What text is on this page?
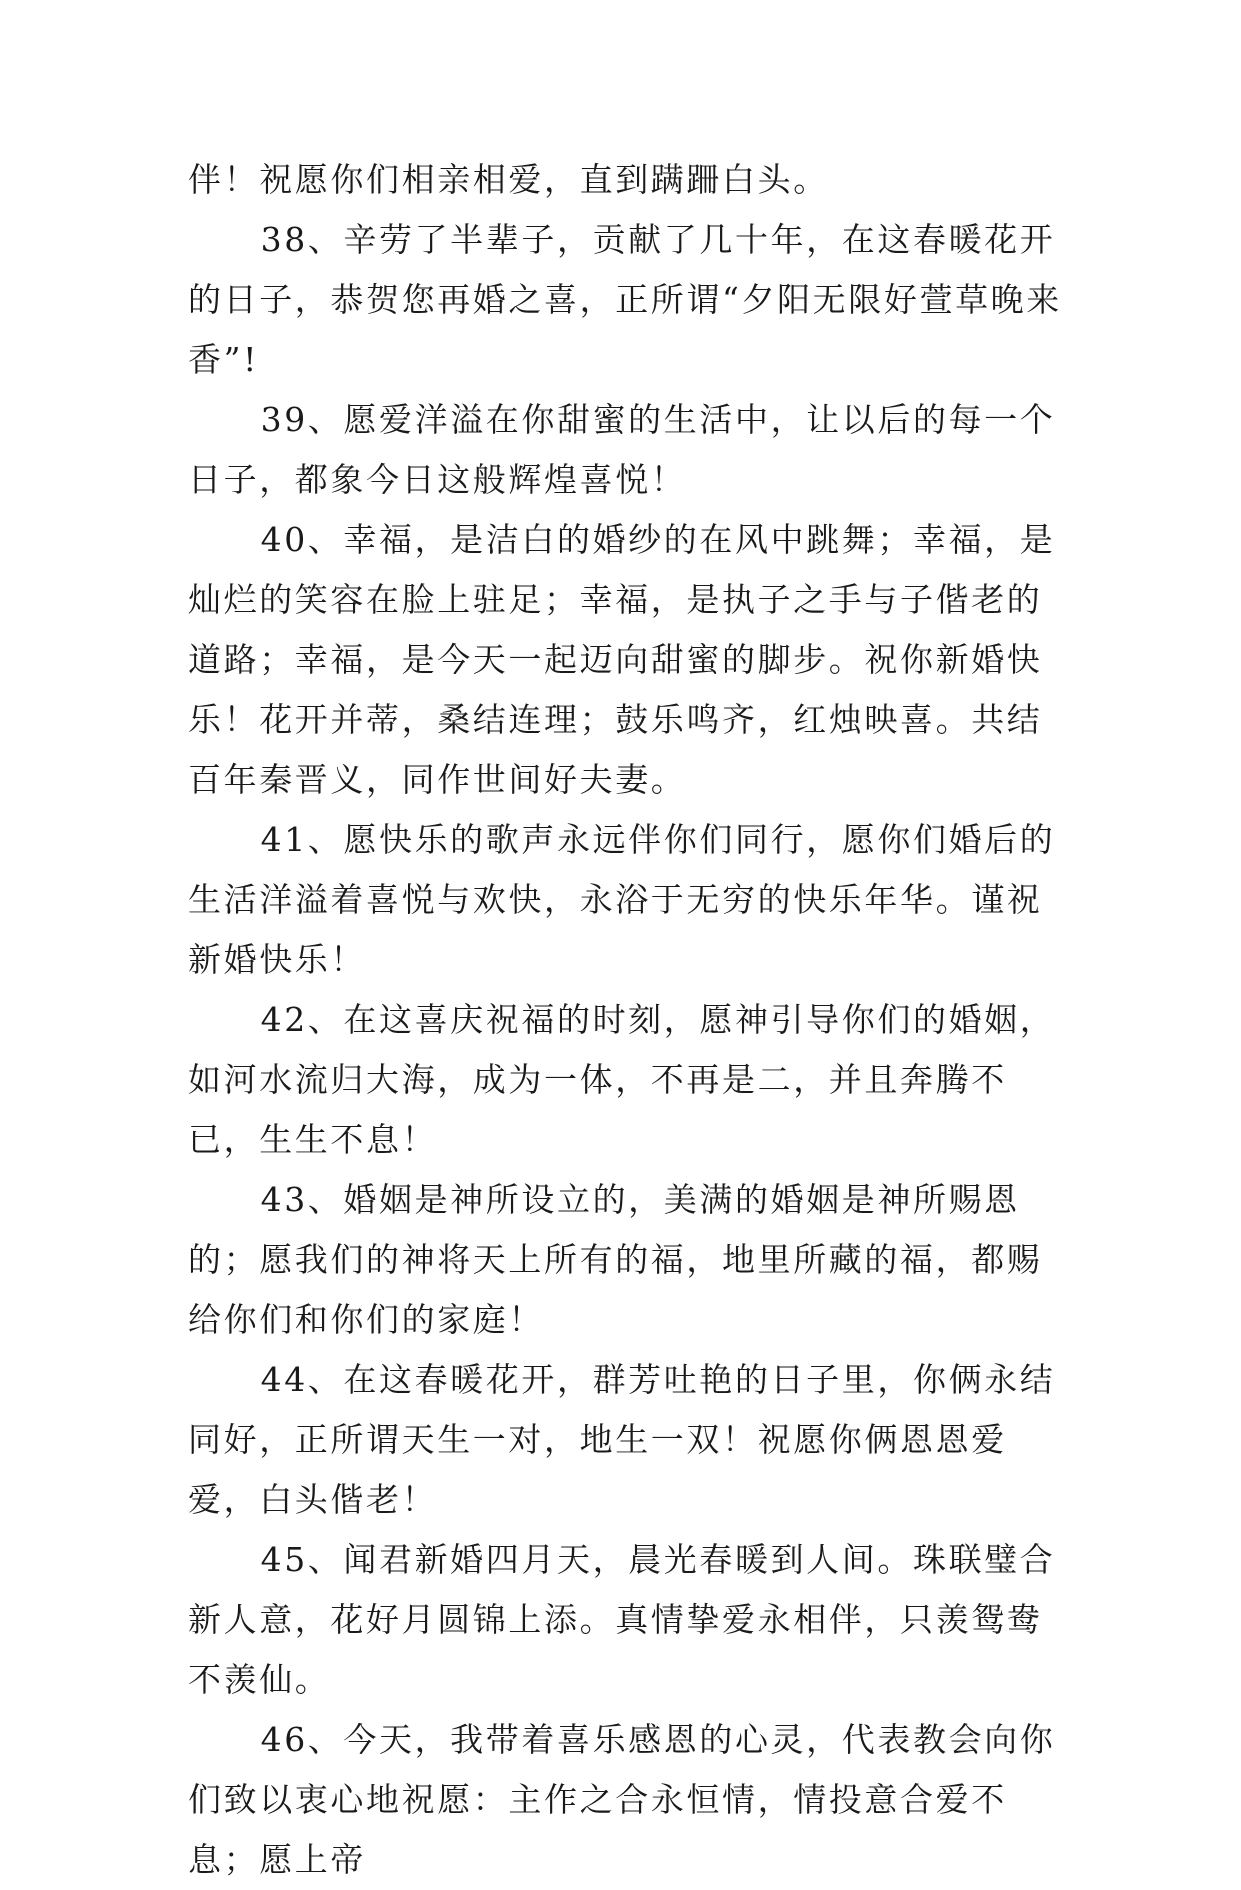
伴！祝愿你们相亲相爱，直到蹒跚白头。

38、辛劳了半辈子，贡献了几十年，在这春暖花开的日子，恭贺您再婚之喜，正所谓“夕阳无限好萱草晚来香”!

39、愿爱洋溢在你甜蜜的生活中，让以后的每一个日子，都象今日这般辉煌喜悦！

40、幸福，是洁白的婚纱的在风中跳舞；幸福，是灿烂的笑容在脸上驻足；幸福，是执子之手与子偕老的道路；幸福，是今天一起迈向甜蜜的脚步。祝你新婚快乐！花开并蒂，桑结连理；鼓乐鸣齐，红烛映喜。共结百年秦晋义，同作世间好夫妻。

41、愿快乐的歌声永远伴你们同行，愿你们婚后的生活洋溢着喜悦与欢快，永浴于无穷的快乐年华。谨祝新婚快乐！

42、在这喜庆祝福的时刻，愿神引导你们的婚姻，如河水流归大海，成为一体，不再是二，并且奔腾不已，生生不息！

43、婚姻是神所设立的，美满的婚姻是神所赐恩的；愿我们的神将天上所有的福，地里所藏的福，都赐给你们和你们的家庭！

44、在这春暖花开，群芳吐艳的日子里，你俩永结同好，正所谓天生一对，地生一双！祝愿你俩恩恩爱爱，白头偕老！

45、闻君新婚四月天，晨光春暖到人间。珠联璧合新人意，花好月圆锦上添。真情挚爱永相伴，只羡鸳鸯不羡仙。

46、今天，我带着喜乐感恩的心灵，代表教会向你们致以衷心地祝愿：主作之合永恒情，情投意合爱不息；愿上帝
